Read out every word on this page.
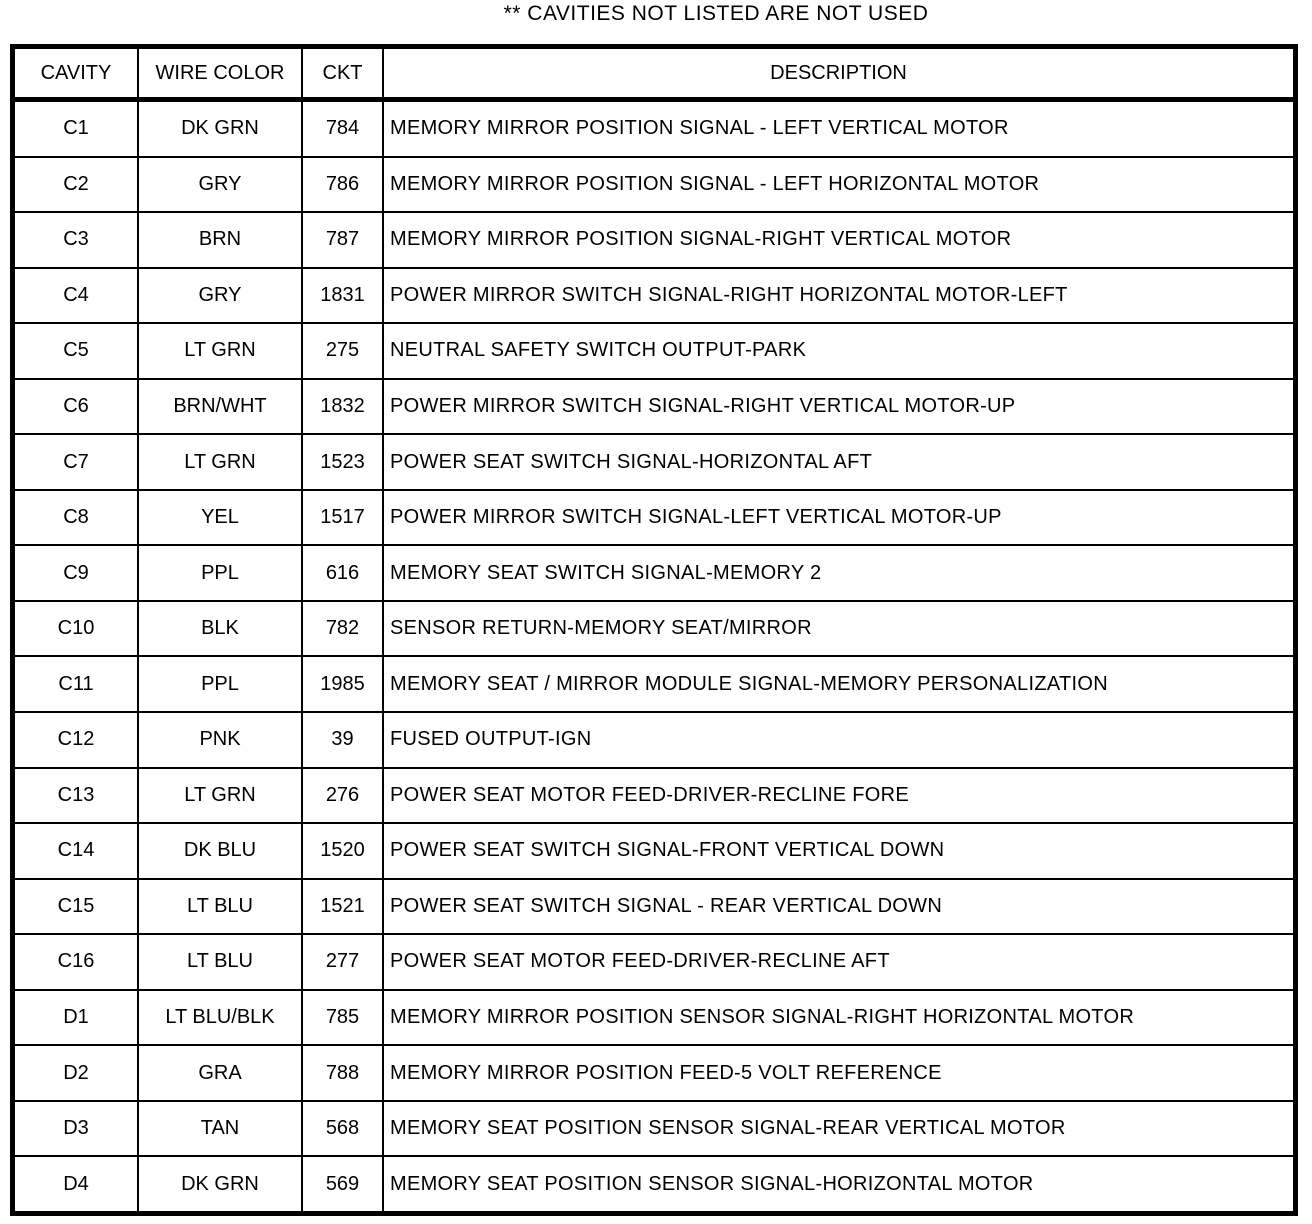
** CAVITIES NOT LISTED ARE NOT USED
CAVITY	WIRE COLOR	CKT	DESCRIPTION
C1	DK GRN	784	MEMORY MIRROR POSITION SIGNAL - LEFT VERTICAL MOTOR
C2	GRY	786	MEMORY MIRROR POSITION SIGNAL - LEFT HORIZONTAL MOTOR
C3	BRN	787	MEMORY MIRROR POSITION SIGNAL-RIGHT VERTICAL MOTOR
C4	GRY	1831	POWER MIRROR SWITCH SIGNAL-RIGHT HORIZONTAL MOTOR-LEFT
C5	LT GRN	275	NEUTRAL SAFETY SWITCH OUTPUT-PARK
C6	BRN/WHT	1832	POWER MIRROR SWITCH SIGNAL-RIGHT VERTICAL MOTOR-UP
C7	LT GRN	1523	POWER SEAT SWITCH SIGNAL-HORIZONTAL AFT
C8	YEL	1517	POWER MIRROR SWITCH SIGNAL-LEFT VERTICAL MOTOR-UP
C9	PPL	616	MEMORY SEAT SWITCH SIGNAL-MEMORY 2
C10	BLK	782	SENSOR RETURN-MEMORY SEAT/MIRROR
C11	PPL	1985	MEMORY SEAT / MIRROR MODULE SIGNAL-MEMORY PERSONALIZATION
C12	PNK	39	FUSED OUTPUT-IGN
C13	LT GRN	276	POWER SEAT MOTOR FEED-DRIVER-RECLINE FORE
C14	DK BLU	1520	POWER SEAT SWITCH SIGNAL-FRONT VERTICAL DOWN
C15	LT BLU	1521	POWER SEAT SWITCH SIGNAL - REAR VERTICAL DOWN
C16	LT BLU	277	POWER SEAT MOTOR FEED-DRIVER-RECLINE AFT
D1	LT BLU/BLK	785	MEMORY MIRROR POSITION SENSOR SIGNAL-RIGHT HORIZONTAL MOTOR
D2	GRA	788	MEMORY MIRROR POSITION FEED-5 VOLT REFERENCE
D3	TAN	568	MEMORY SEAT POSITION SENSOR SIGNAL-REAR VERTICAL MOTOR
D4	DK GRN	569	MEMORY SEAT POSITION SENSOR SIGNAL-HORIZONTAL MOTOR
